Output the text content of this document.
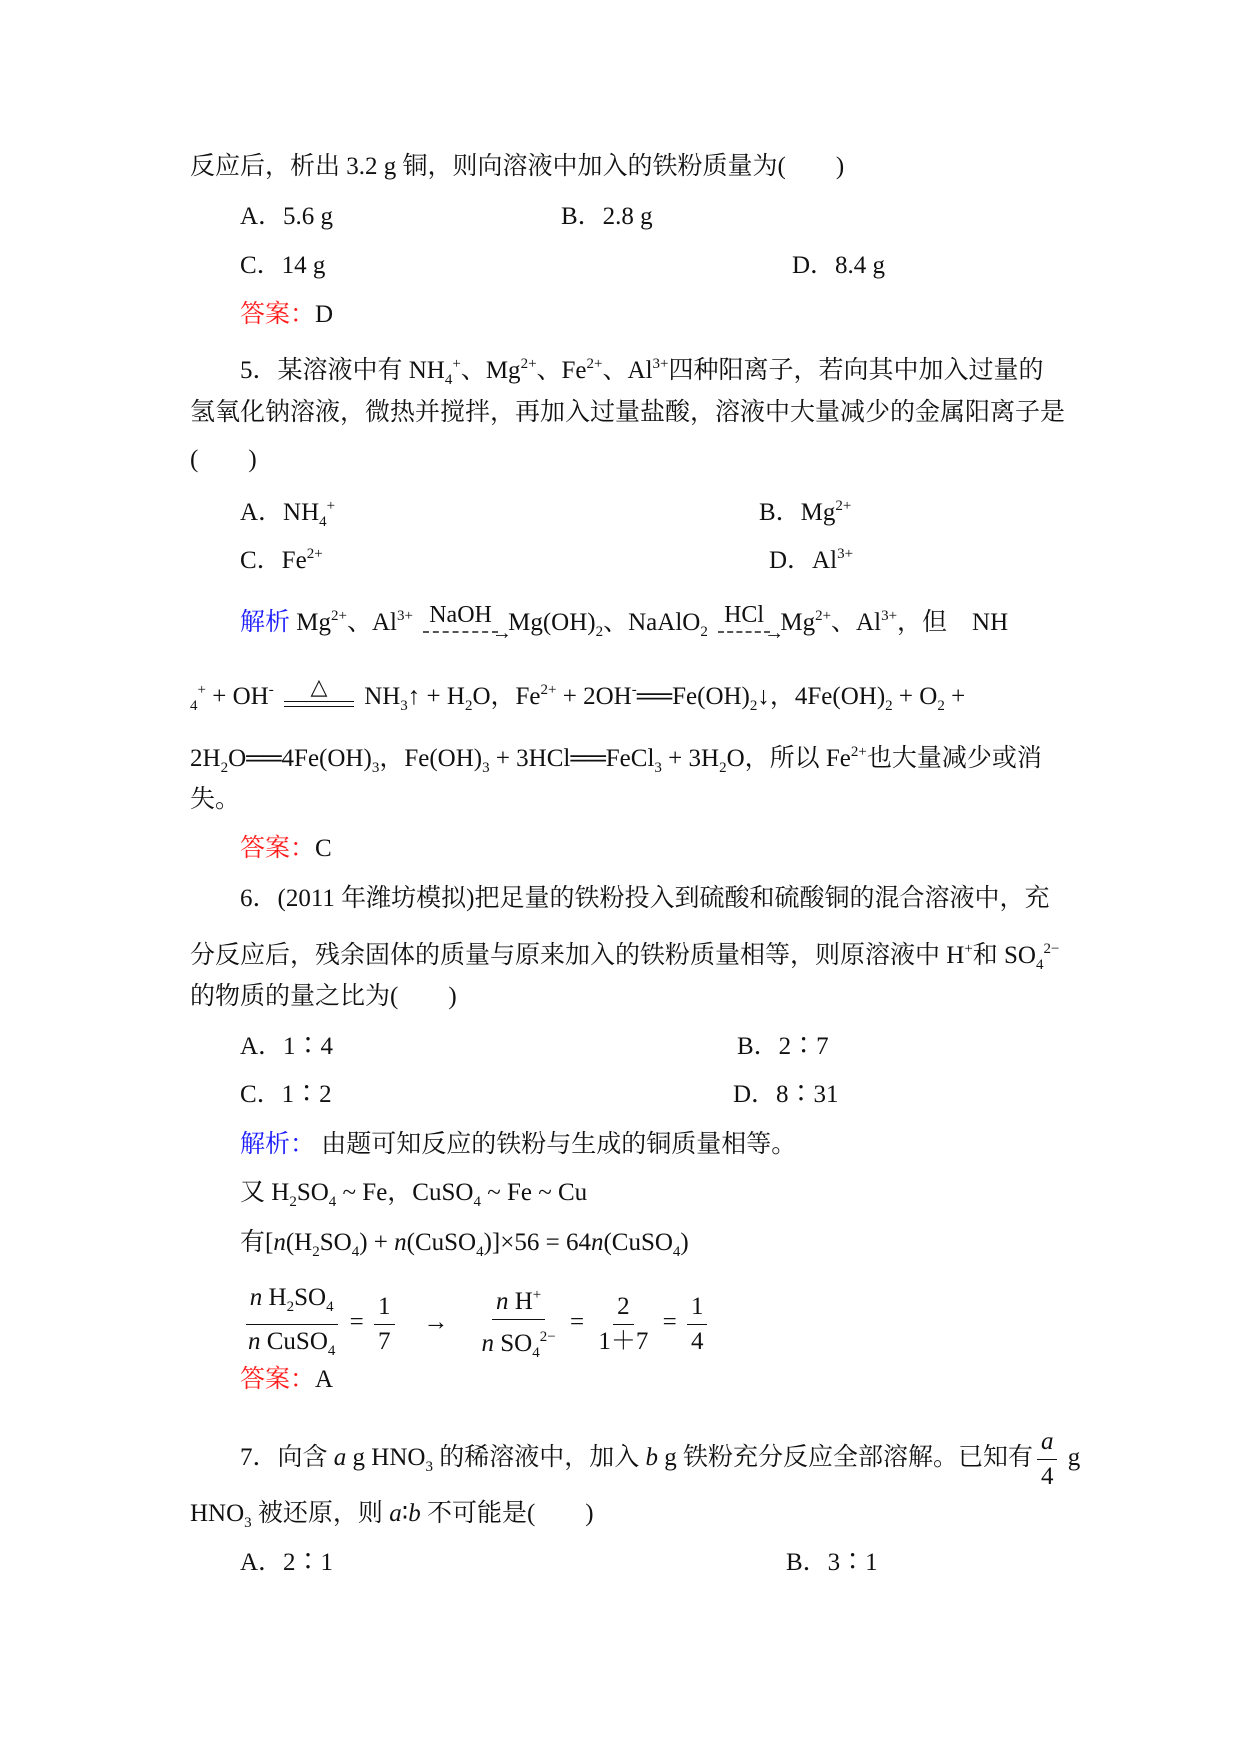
反应后，析出 3.2 g 铜，则向溶液中加入的铁粉质量为(　　)
A．5.6 g	B．2.8 g
C．14 g	D．8.4 g
答案：D
5．某溶液中有 $NH_4^+$、$Mg^{2+}$、$Fe^{2+}$、$Al^{3+}$四种阳离子，若向其中加入过量的
氢氧化钠溶液，微热并搅拌，再加入过量盐酸，溶液中大量减少的金属阳离子是
(　　)
A．$NH_4^+$	B．$Mg^{2+}$
C．$Fe^{2+}$	D．$Al^{3+}$
解析 $Mg^{2+}$、$Al^{3+}$ → NaOH $Mg(OH)_2$、NaAlO$_2$ → HCl $Mg^{2+}$、$Al^{3+}$，但　NH
$_4$+ + OH- △ $NH_3↑ + H_2O$，$Fe^{2+}$ + $2OH^-══Fe(OH)_2↓$，$4Fe(OH)_2 + O_2$ +
$2H_2O══4Fe(OH)_3$，$Fe(OH)_3$ + 3HCl══FeCl$_3$ + $3H_2O$，所以 $Fe^{2+}$也大量减少或消
失。
答案：C
6．(2011 年潍坊模拟)把足量的铁粉投入到硫酸和硫酸铜的混合溶液中，充
分反应后，残余固体的质量与原来加入的铁粉质量相等，则原溶液中 H+和 $SO_4^{2-}$
的物质的量之比为(　　)
A．1∶4	B．2∶7
C．1∶2	D．8∶31
解析： 由题可知反应的铁粉与生成的铜质量相等。
又 $H_2SO_4$ ~ Fe，CuSO$_4$ ~ Fe ~ Cu
有[$n(H_2SO_4)$ + n(CuSO$_4$)]×56 = 64n(CuSO$_4$)
$\frac{n H_2SO_4}{n CuSO_4} = \frac{1}{7}$ 　→　 $\frac{n H^+}{n SO_4^{2-}} = \frac{2}{1+7} = \frac{1}{4}$
答案：A
7．向含 a g $HNO_3$ 的稀溶液中，加入 b g 铁粉充分反应全部溶解。已知有 $\frac{a}{4}$ g
$HNO_3$ 被还原，则 a∶b 不可能是(　　)
A．2∶1	B．3∶1
